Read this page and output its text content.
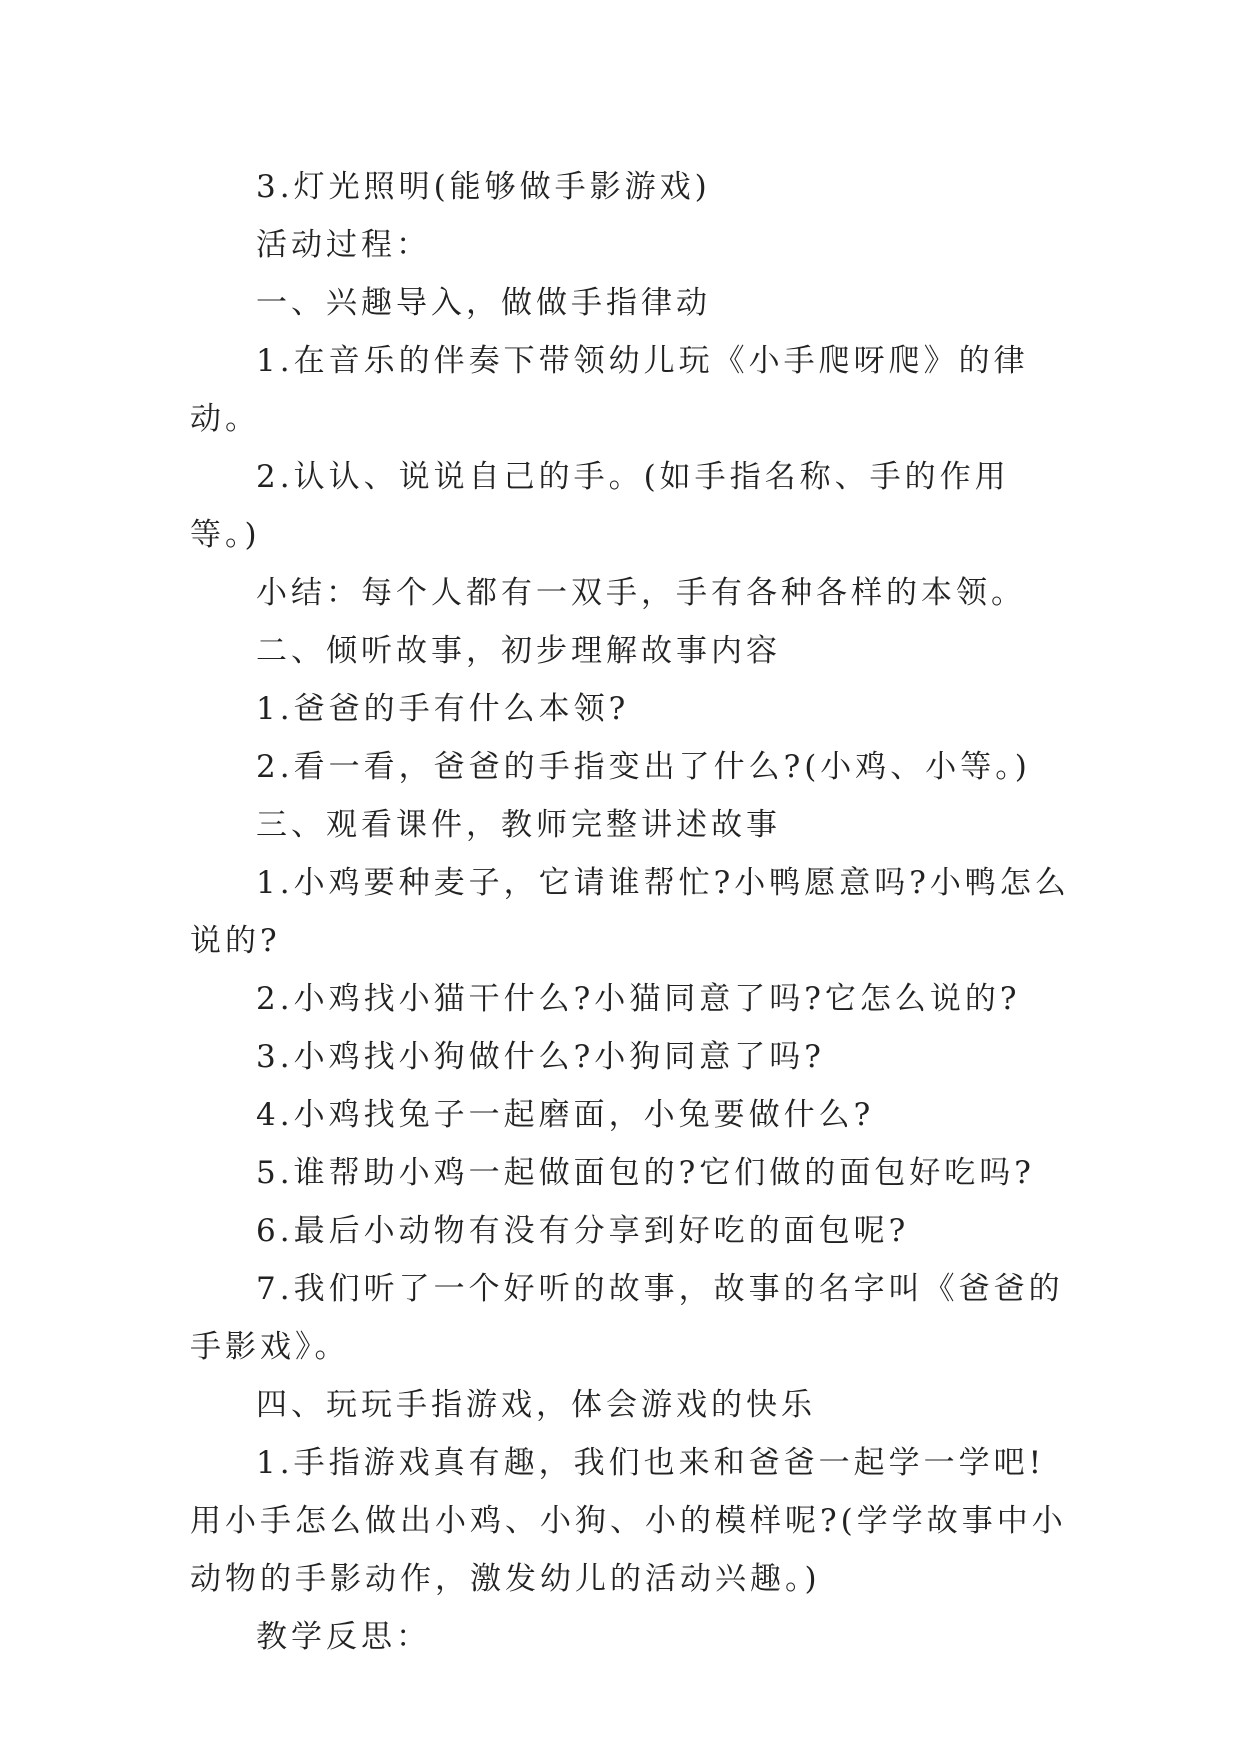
3.灯光照明(能够做手影游戏)

活动过程：

一、兴趣导入，做做手指律动

1.在音乐的伴奏下带领幼儿玩《小手爬呀爬》的律动。

2.认认、说说自己的手。(如手指名称、手的作用等。)

小结：每个人都有一双手，手有各种各样的本领。

二、倾听故事，初步理解故事内容

1.爸爸的手有什么本领?

2.看一看，爸爸的手指变出了什么?(小鸡、小等。)

三、观看课件，教师完整讲述故事

1.小鸡要种麦子，它请谁帮忙?小鸭愿意吗?小鸭怎么说的?

2.小鸡找小猫干什么?小猫同意了吗?它怎么说的?

3.小鸡找小狗做什么?小狗同意了吗?

4.小鸡找兔子一起磨面，小兔要做什么?

5.谁帮助小鸡一起做面包的?它们做的面包好吃吗?

6.最后小动物有没有分享到好吃的面包呢?

7.我们听了一个好听的故事，故事的名字叫《爸爸的手影戏》。

四、玩玩手指游戏，体会游戏的快乐

1.手指游戏真有趣，我们也来和爸爸一起学一学吧!用小手怎么做出小鸡、小狗、小的模样呢?(学学故事中小动物的手影动作，激发幼儿的活动兴趣。)

教学反思：
